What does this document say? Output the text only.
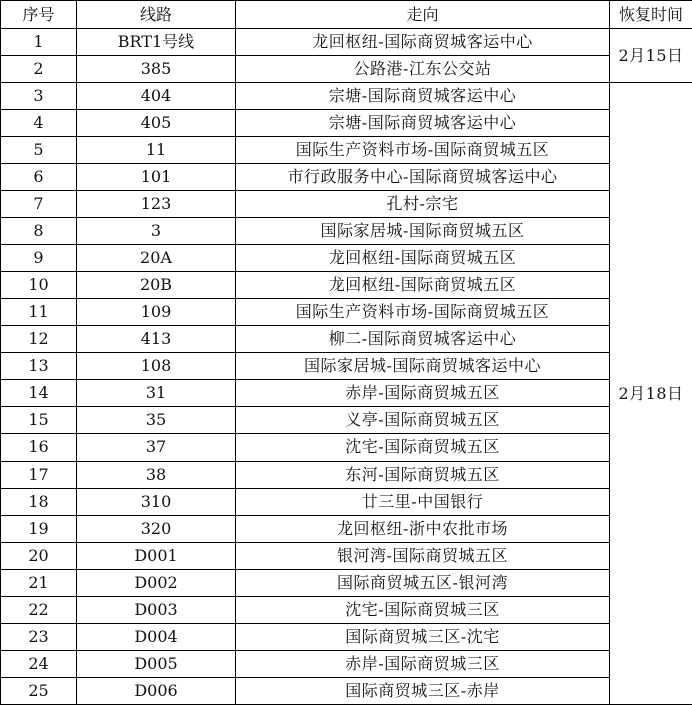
序号	线路	走向	恢复时间
1	BRT1号线	龙回枢纽-国际商贸城客运中心	2月15日
2	385	公路港-江东公交站	
3	404	宗塘-国际商贸城客运中心	2月18日
4	405	宗塘-国际商贸城客运中心	
5	11	国际生产资料市场-国际商贸城五区	
6	101	市行政服务中心-国际商贸城客运中心	
7	123	孔村-宗宅	
8	3	国际家居城-国际商贸城五区	
9	20A	龙回枢纽-国际商贸城五区	
10	20B	龙回枢纽-国际商贸城五区	
11	109	国际生产资料市场-国际商贸城五区	
12	413	柳二-国际商贸城客运中心	
13	108	国际家居城-国际商贸城客运中心	
14	31	赤岸-国际商贸城五区	
15	35	义亭-国际商贸城五区	
16	37	沈宅-国际商贸城五区	
17	38	东河-国际商贸城五区	
18	310	廿三里-中国银行	
19	320	龙回枢纽-浙中农批市场	
20	D001	银河湾-国际商贸城五区	
21	D002	国际商贸城五区-银河湾	
22	D003	沈宅-国际商贸城三区	
23	D004	国际商贸城三区-沈宅	
24	D005	赤岸-国际商贸城三区	
25	D006	国际商贸城三区-赤岸	
